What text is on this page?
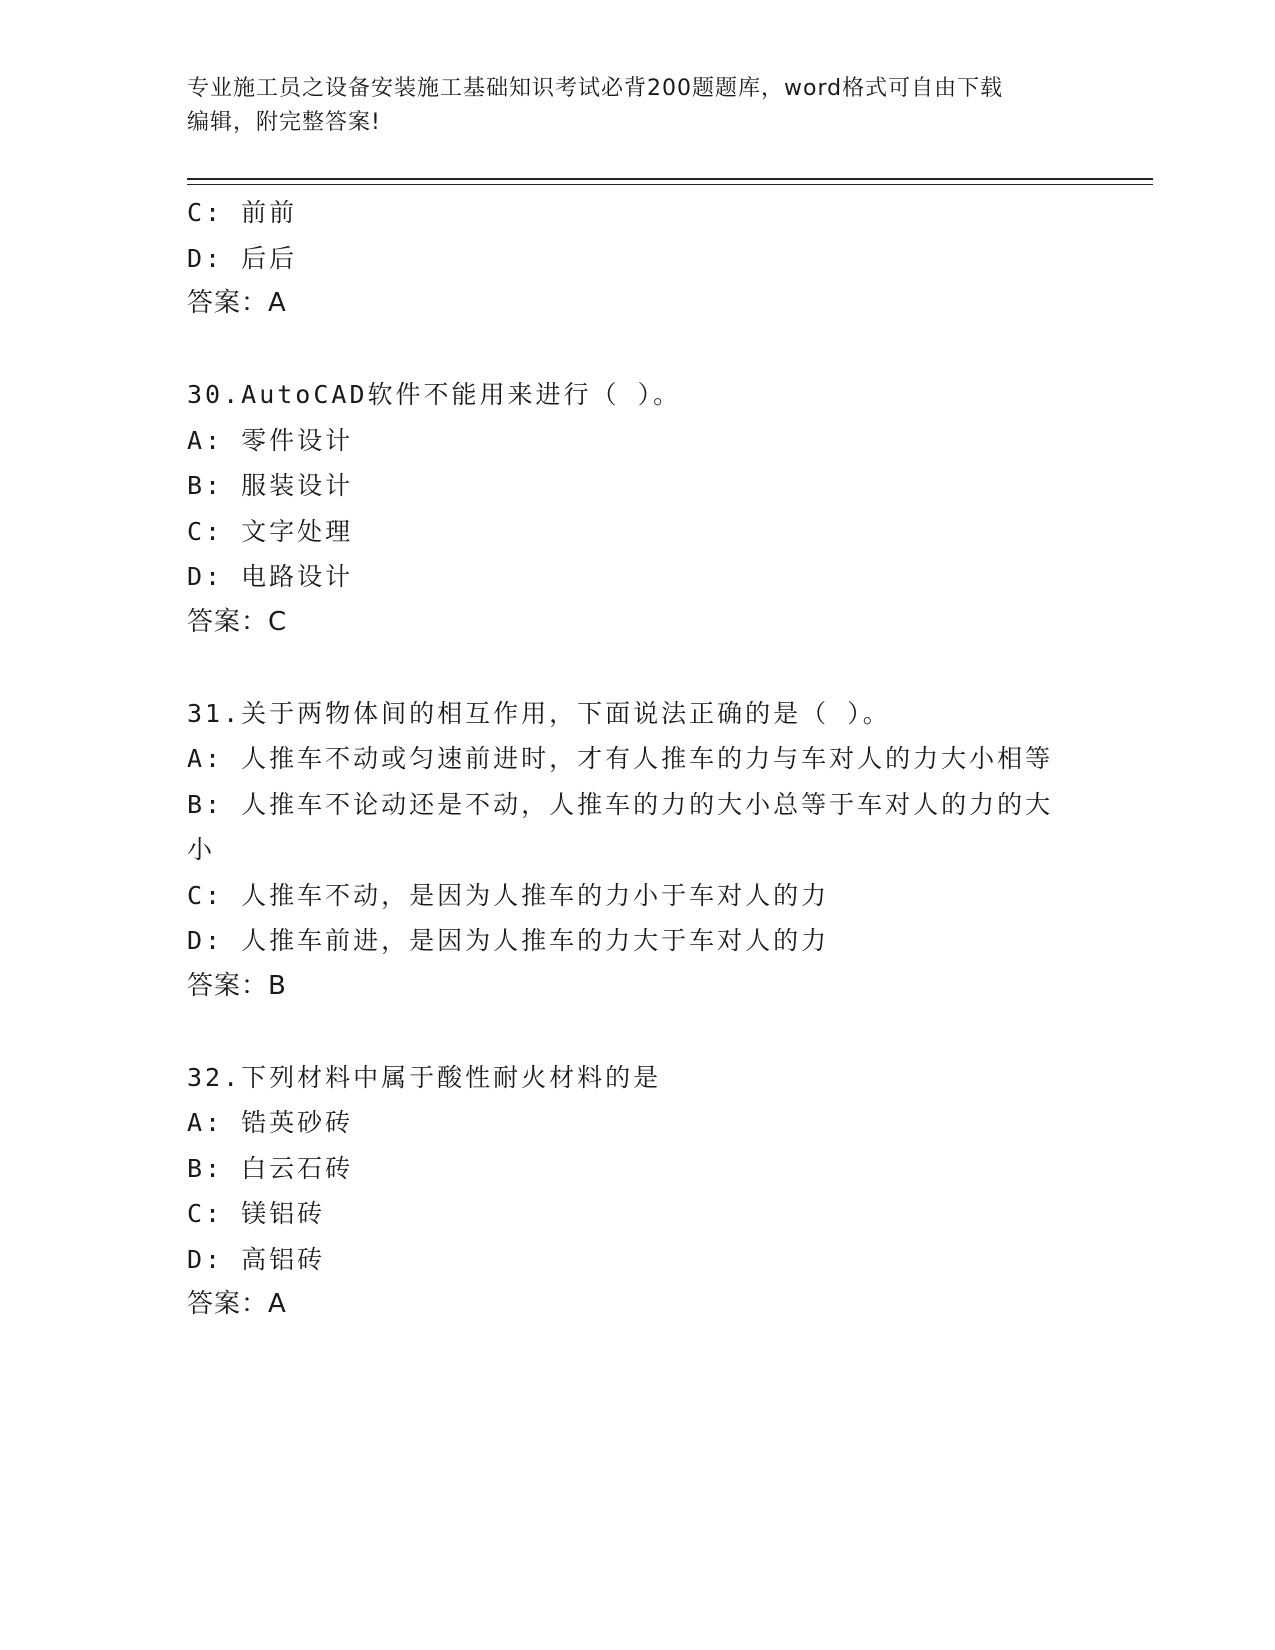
专业施工员之设备安装施工基础知识考试必背200题题库，word格式可自由下载
编辑，附完整答案!
C: 前前
D: 后后
答案：A
30.AutoCAD软件不能用来进行（ ）。
A: 零件设计
B: 服装设计
C: 文字处理
D: 电路设计
答案：C
31.关于两物体间的相互作用，下面说法正确的是（ ）。
A: 人推车不动或匀速前进时，才有人推车的力与车对人的力大小相等
B: 人推车不论动还是不动，人推车的力的大小总等于车对人的力的大
小
C: 人推车不动，是因为人推车的力小于车对人的力
D: 人推车前进，是因为人推车的力大于车对人的力
答案：B
32.下列材料中属于酸性耐火材料的是
A: 锆英砂砖
B: 白云石砖
C: 镁铝砖
D: 高铝砖
答案：A
